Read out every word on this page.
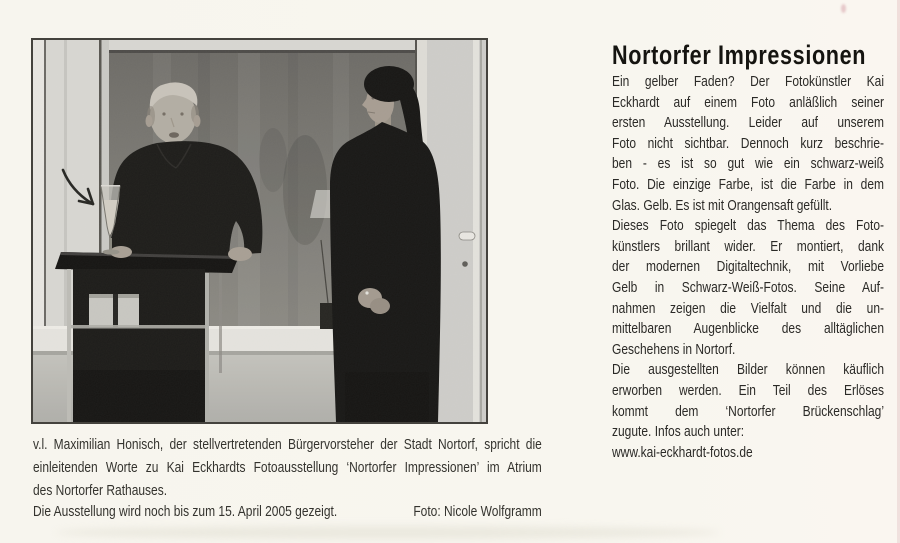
v.l. Maximilian Honisch, der stellvertretenden Bürgervorsteher der Stadt Nortorf, spricht die
einleitenden Worte zu Kai Eckhardts Fotoausstellung ‘Nortorfer Impressionen’ im Atrium
des Nortorfer Rathauses.
Die Ausstellung wird noch bis zum 15. April 2005 gezeigt.	Foto: Nicole Wolfgramm
Nortorfer Impressionen
Ein gelber Faden? Der Fotokünstler Kai
Eckhardt auf einem Foto anläßlich seiner
ersten Ausstellung. Leider auf unserem
Foto nicht sichtbar. Dennoch kurz beschrie-
ben - es ist so gut wie ein schwarz-weiß
Foto. Die einzige Farbe, ist die Farbe in dem
Glas. Gelb. Es ist mit Orangensaft gefüllt.
Dieses Foto spiegelt das Thema des Foto-
künstlers brillant wider. Er montiert, dank
der modernen Digitaltechnik, mit Vorliebe
Gelb in Schwarz-Weiß-Fotos. Seine Auf-
nahmen zeigen die Vielfalt und die un-
mittelbaren Augenblicke des alltäglichen
Geschehens in Nortorf.
Die ausgestellten Bilder können käuflich
erworben werden. Ein Teil des Erlöses
kommt dem ‘Nortorfer Brückenschlag’
zugute. Infos auch unter:
www.kai-eckhardt-fotos.de
